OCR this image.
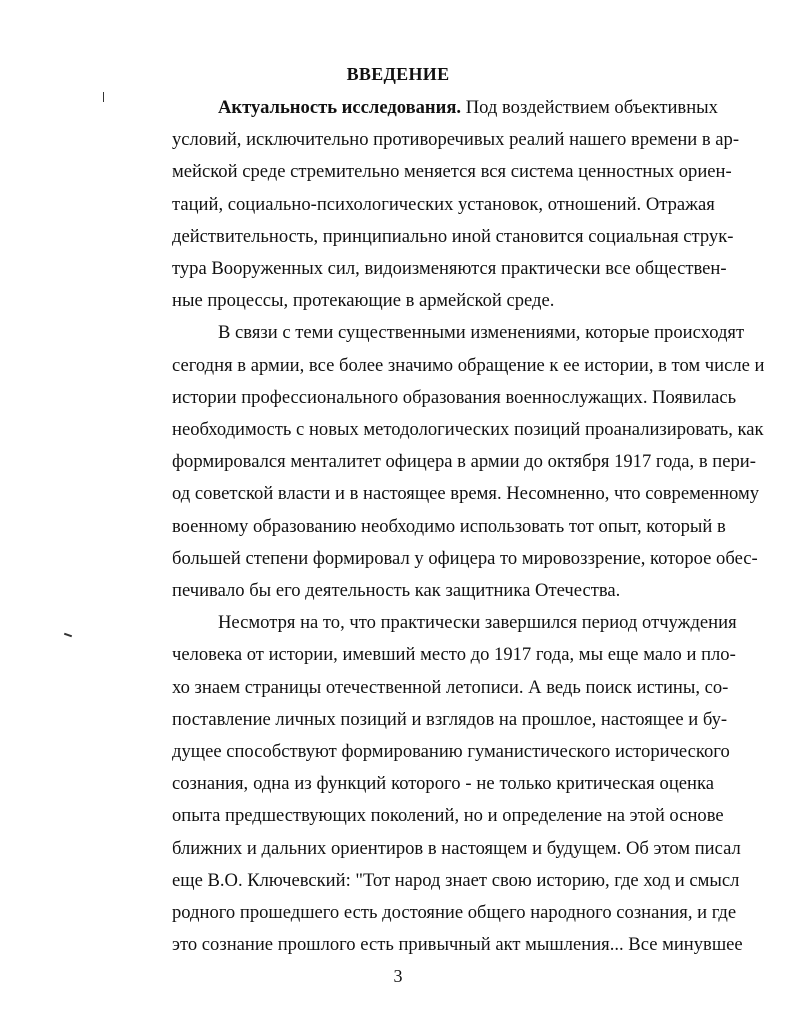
ВВЕДЕНИЕ
Актуальность исследования. Под воздействием объективных
условий, исключительно противоречивых реалий нашего времени в ар-
мейской среде стремительно меняется вся система ценностных ориен-
таций, социально-психологических установок, отношений. Отражая
действительность, принципиально иной становится социальная струк-
тура Вооруженных сил, видоизменяются практически все обществен-
ные процессы, протекающие в армейской среде.
В связи с теми существенными изменениями, которые происходят
сегодня в армии, все более значимо обращение к ее истории, в том числе и
истории профессионального образования военнослужащих. Появилась
необходимость с новых методологических позиций проанализировать, как
формировался менталитет офицера в армии до октября 1917 года, в пери-
од советской власти и в настоящее время. Несомненно, что современному
военному образованию необходимо использовать тот опыт, который в
большей степени формировал у офицера то мировоззрение, которое обес-
печивало бы его деятельность как защитника Отечества.
Несмотря на то, что практически завершился период отчуждения
человека от истории, имевший место до 1917 года, мы еще мало и пло-
хо знаем страницы отечественной летописи. А ведь поиск истины, со-
поставление личных позиций и взглядов на прошлое, настоящее и бу-
дущее способствуют формированию гуманистического исторического
сознания, одна из функций которого - не только критическая оценка
опыта предшествующих поколений, но и определение на этой основе
ближних и дальних ориентиров в настоящем и будущем. Об этом писал
еще В.О. Ключевский: "Тот народ знает свою историю, где ход и смысл
родного прошедшего есть достояние общего народного сознания, и где
это сознание прошлого есть привычный акт мышления... Все минувшее
3
